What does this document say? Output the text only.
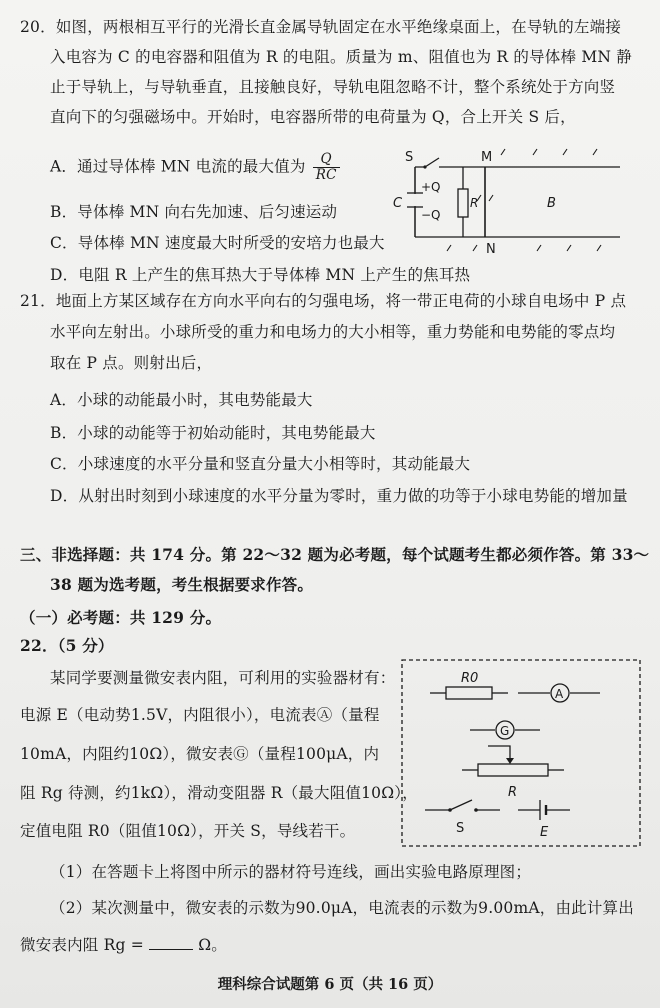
20．如图，两根相互平行的光滑长直金属导轨固定在水平绝缘桌面上，在导轨的左端接
入电容为 C 的电容器和阻值为 R 的电阻。质量为 m、阻值也为 R 的导体棒 MN 静
止于导轨上，与导轨垂直，且接触良好，导轨电阻忽略不计，整个系统处于方向竖
直向下的匀强磁场中。开始时，电容器所带的电荷量为 Q，合上开关 S 后，
A．通过导体棒 MN 电流的最大值为 $\frac{Q}{RC}$
B．导体棒 MN 向右先加速、后匀速运动
C．导体棒 MN 速度最大时所受的安培力也最大
D．电阻 R 上产生的焦耳热大于导体棒 MN 上产生的焦耳热
S	M
N
C
+Q
−Q
R	B
21．地面上方某区域存在方向水平向右的匀强电场，将一带正电荷的小球自电场中 P 点
水平向左射出。小球所受的重力和电场力的大小相等，重力势能和电势能的零点均
取在 P 点。则射出后，
A．小球的动能最小时，其电势能最大
B．小球的动能等于初始动能时，其电势能最大
C．小球速度的水平分量和竖直分量大小相等时，其动能最大
D．从射出时刻到小球速度的水平分量为零时，重力做的功等于小球电势能的增加量
三、非选择题：共 174 分。第 22～32 题为必考题，每个试题考生都必须作答。第 33～
38 题为选考题，考生根据要求作答。
（一）必考题：共 129 分。
22．（5 分）
某同学要测量微安表内阻，可利用的实验器材有：
电源 E（电动势1.5V，内阻很小），电流表Ⓐ（量程
10mA，内阻约10Ω），微安表Ⓖ（量程100μA，内
阻 Rg 待测，约1kΩ），滑动变阻器 R（最大阻值10Ω），
定值电阻 R0（阻值10Ω），开关 S，导线若干。
R0
A
G
R
S	E
（1）在答题卡上将图中所示的器材符号连线，画出实验电路原理图；
（2）某次测量中，微安表的示数为90.0μA，电流表的示数为9.00mA，由此计算出
微安表内阻 Rg =	Ω。
理科综合试题第 6 页（共 16 页）
